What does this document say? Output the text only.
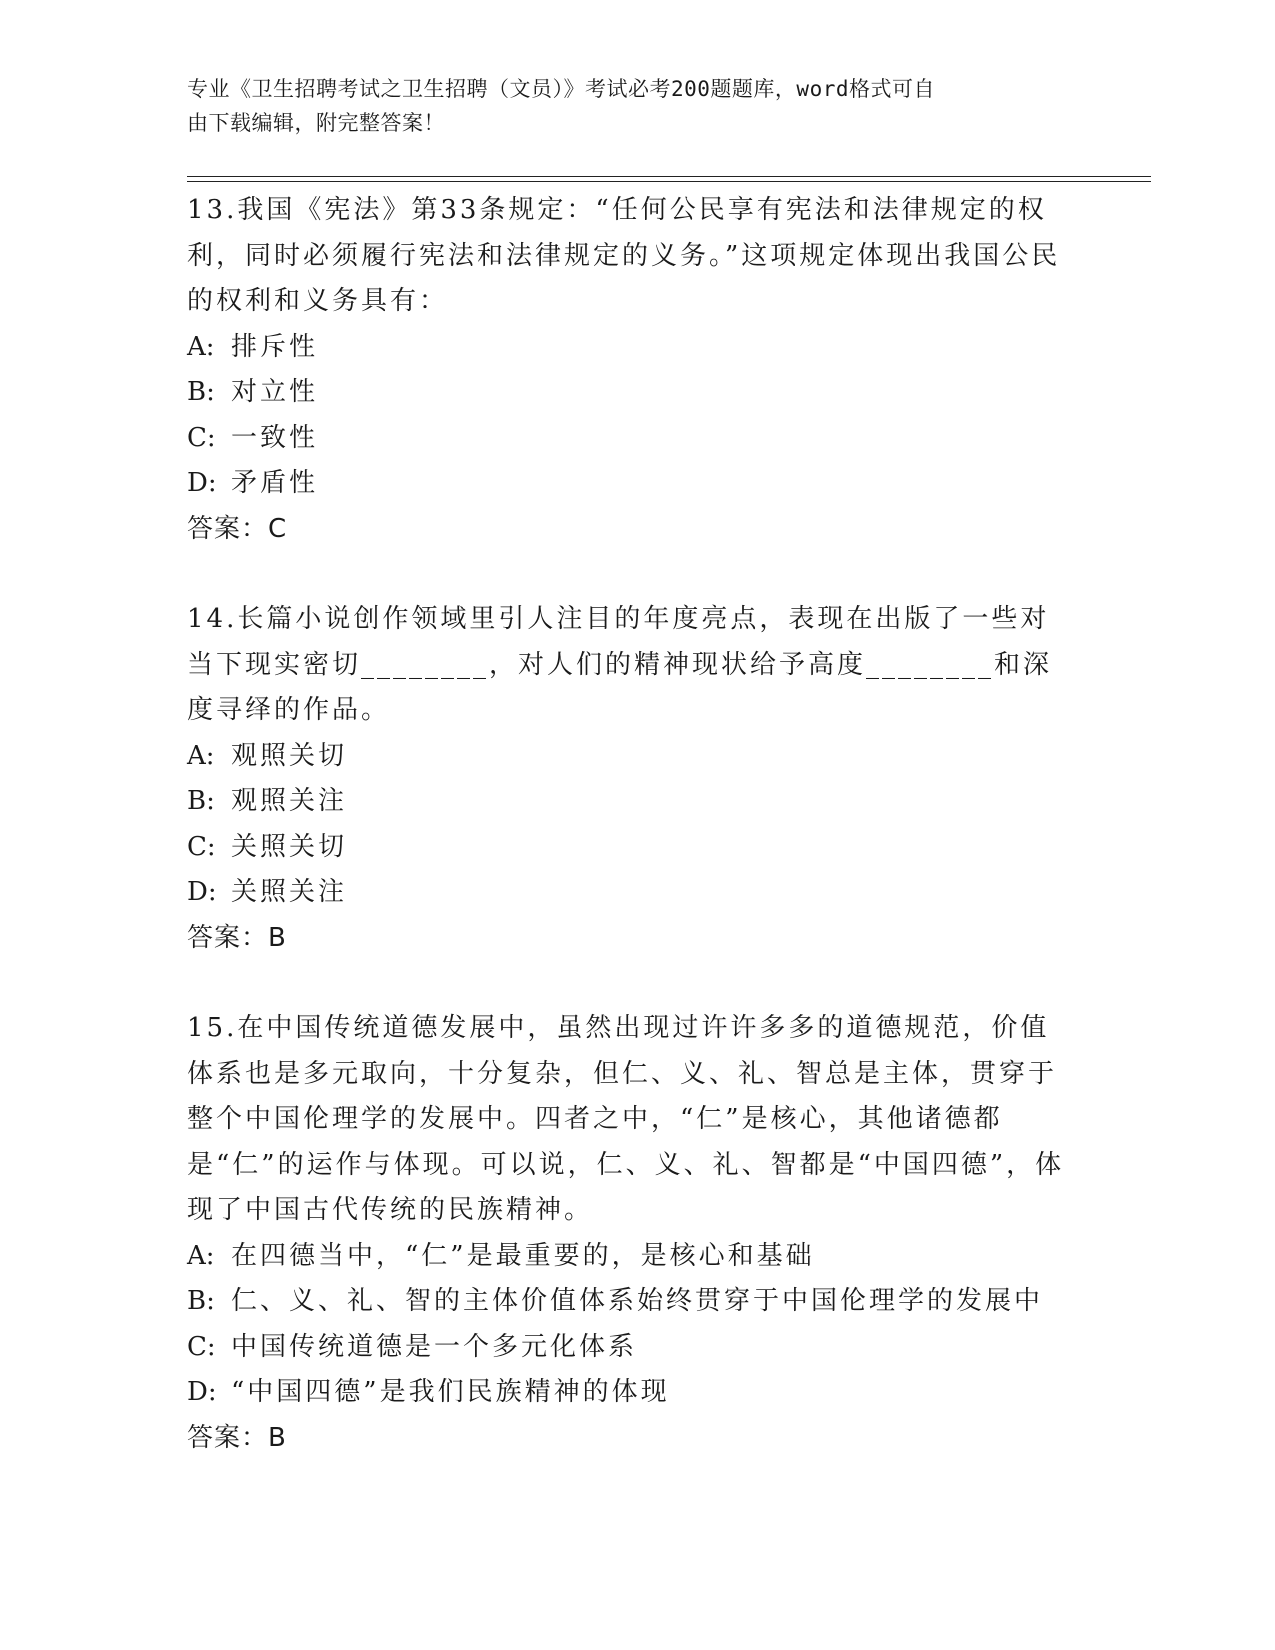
专业《卫生招聘考试之卫生招聘（文员）》考试必考200题题库，word格式可自
由下载编辑，附完整答案！

13.我国《宪法》第33条规定：“任何公民享有宪法和法律规定的权利，同时必须履行宪法和法律规定的义务。”这项规定体现出我国公民的权利和义务具有：

A: 排斥性

B: 对立性

C: 一致性

D: 矛盾性

答案：C

14.长篇小说创作领域里引人注目的年度亮点，表现在出版了一些对当下现实密切________，对人们的精神现状给予高度________和深度寻绎的作品。

A: 观照关切

B: 观照关注

C: 关照关切

D: 关照关注

答案：B

15.在中国传统道德发展中，虽然出现过许许多多的道德规范，价值体系也是多元取向，十分复杂，但仁、义、礼、智总是主体，贯穿于整个中国伦理学的发展中。四者之中，“仁”是核心，其他诸德都是“仁”的运作与体现。可以说，仁、义、礼、智都是“中国四德”，体现了中国古代传统的民族精神。

A: 在四德当中，“仁”是最重要的，是核心和基础

B: 仁、义、礼、智的主体价值体系始终贯穿于中国伦理学的发展中

C: 中国传统道德是一个多元化体系

D: “中国四德”是我们民族精神的体现

答案：B
